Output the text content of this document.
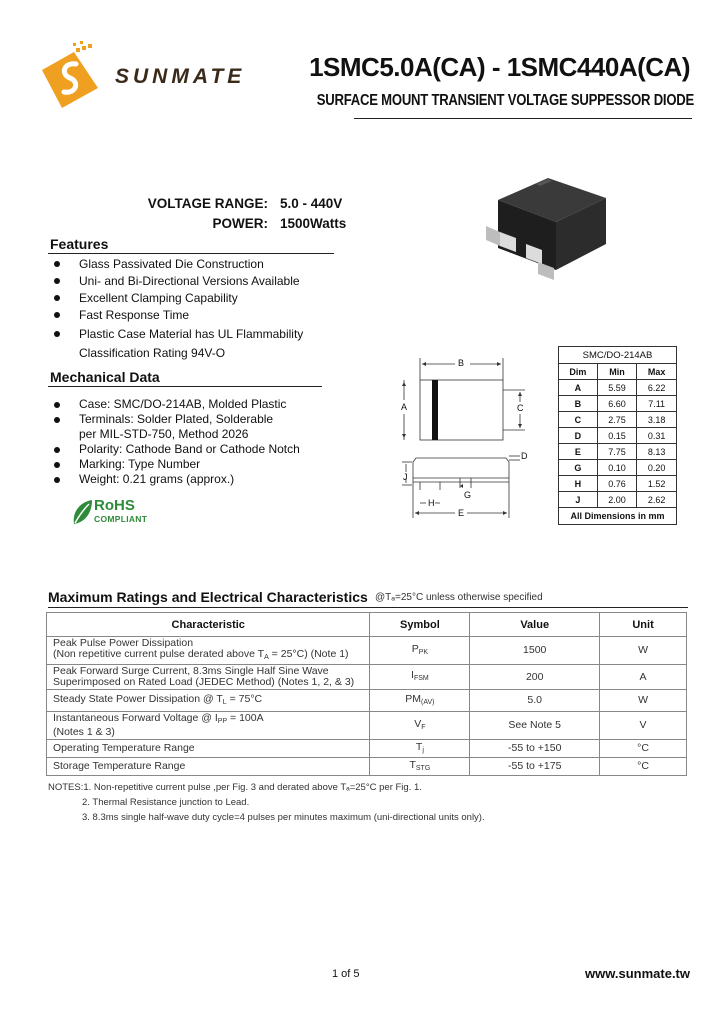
SUNMATE 1SMC5.0A(CA) - 1SMC440A(CA)
SURFACE MOUNT TRANSIENT VOLTAGE SUPPESSOR DIODE
VOLTAGE RANGE: 5.0 - 440V
POWER: 1500Watts
Features
Glass Passivated Die Construction
Uni- and Bi-Directional Versions Available
Excellent Clamping Capability
Fast Response Time
Plastic Case Material has UL Flammability
Classification Rating 94V-O
Mechanical Data
Case: SMC/DO-214AB, Molded Plastic
Terminals: Solder Plated, Solderable
per MIL-STD-750, Method 2026
Polarity: Cathode Band or Cathode Notch
Marking: Type Number
Weight: 0.21 grams (approx.)
RoHS
COMPLIANT
B
A	C
D
J
H
G
E
SMC/DO-214AB		
Dim	Min	Max
A	5.59	6.22
B	6.60	7.11
C	2.75	3.18
D	0.15	0.31
E	7.75	8.13
G	0.10	0.20
H	0.76	1.52
J	2.00	2.62
All Dimensions in mm		
Maximum Ratings and Electrical Characteristics @Tₐ=25°C unless otherwise specified
Characteristic	Symbol	Value	Unit
Peak Pulse Power Dissipation
(Non repetitive current pulse derated above $T_A = 25^\circ C$) (Note 1)	$P_{PK}$	1500	W
Peak Forward Surge Current, 8.3ms Single Half Sine Wave
Superimposed on Rated Load (JEDEC Method) (Notes 1, 2, & 3)	$I_{FSM}$	200	A
Steady State Power Dissipation @ $T_L = 75^\circ C$	$PM_{(AV)}$	5.0	W
Instantaneous Forward Voltage @ $I_{PP} = 100A$
(Notes 1 & 3)	$V_F$	See Note 5	V
Operating Temperature Range	$T_j$	-55 to +150	°C
Storage Temperature Range	$T_{STG}$	-55 to +175	°C
NOTES:1. Non-repetitive current pulse ,per Fig. 3 and derated above Tₐ=25°C per Fig. 1.
2. Thermal Resistance junction to Lead.
3. 8.3ms single half-wave duty cycle=4 pulses per minutes maximum (uni-directional units only).
1 of 5	www.sunmate.tw
